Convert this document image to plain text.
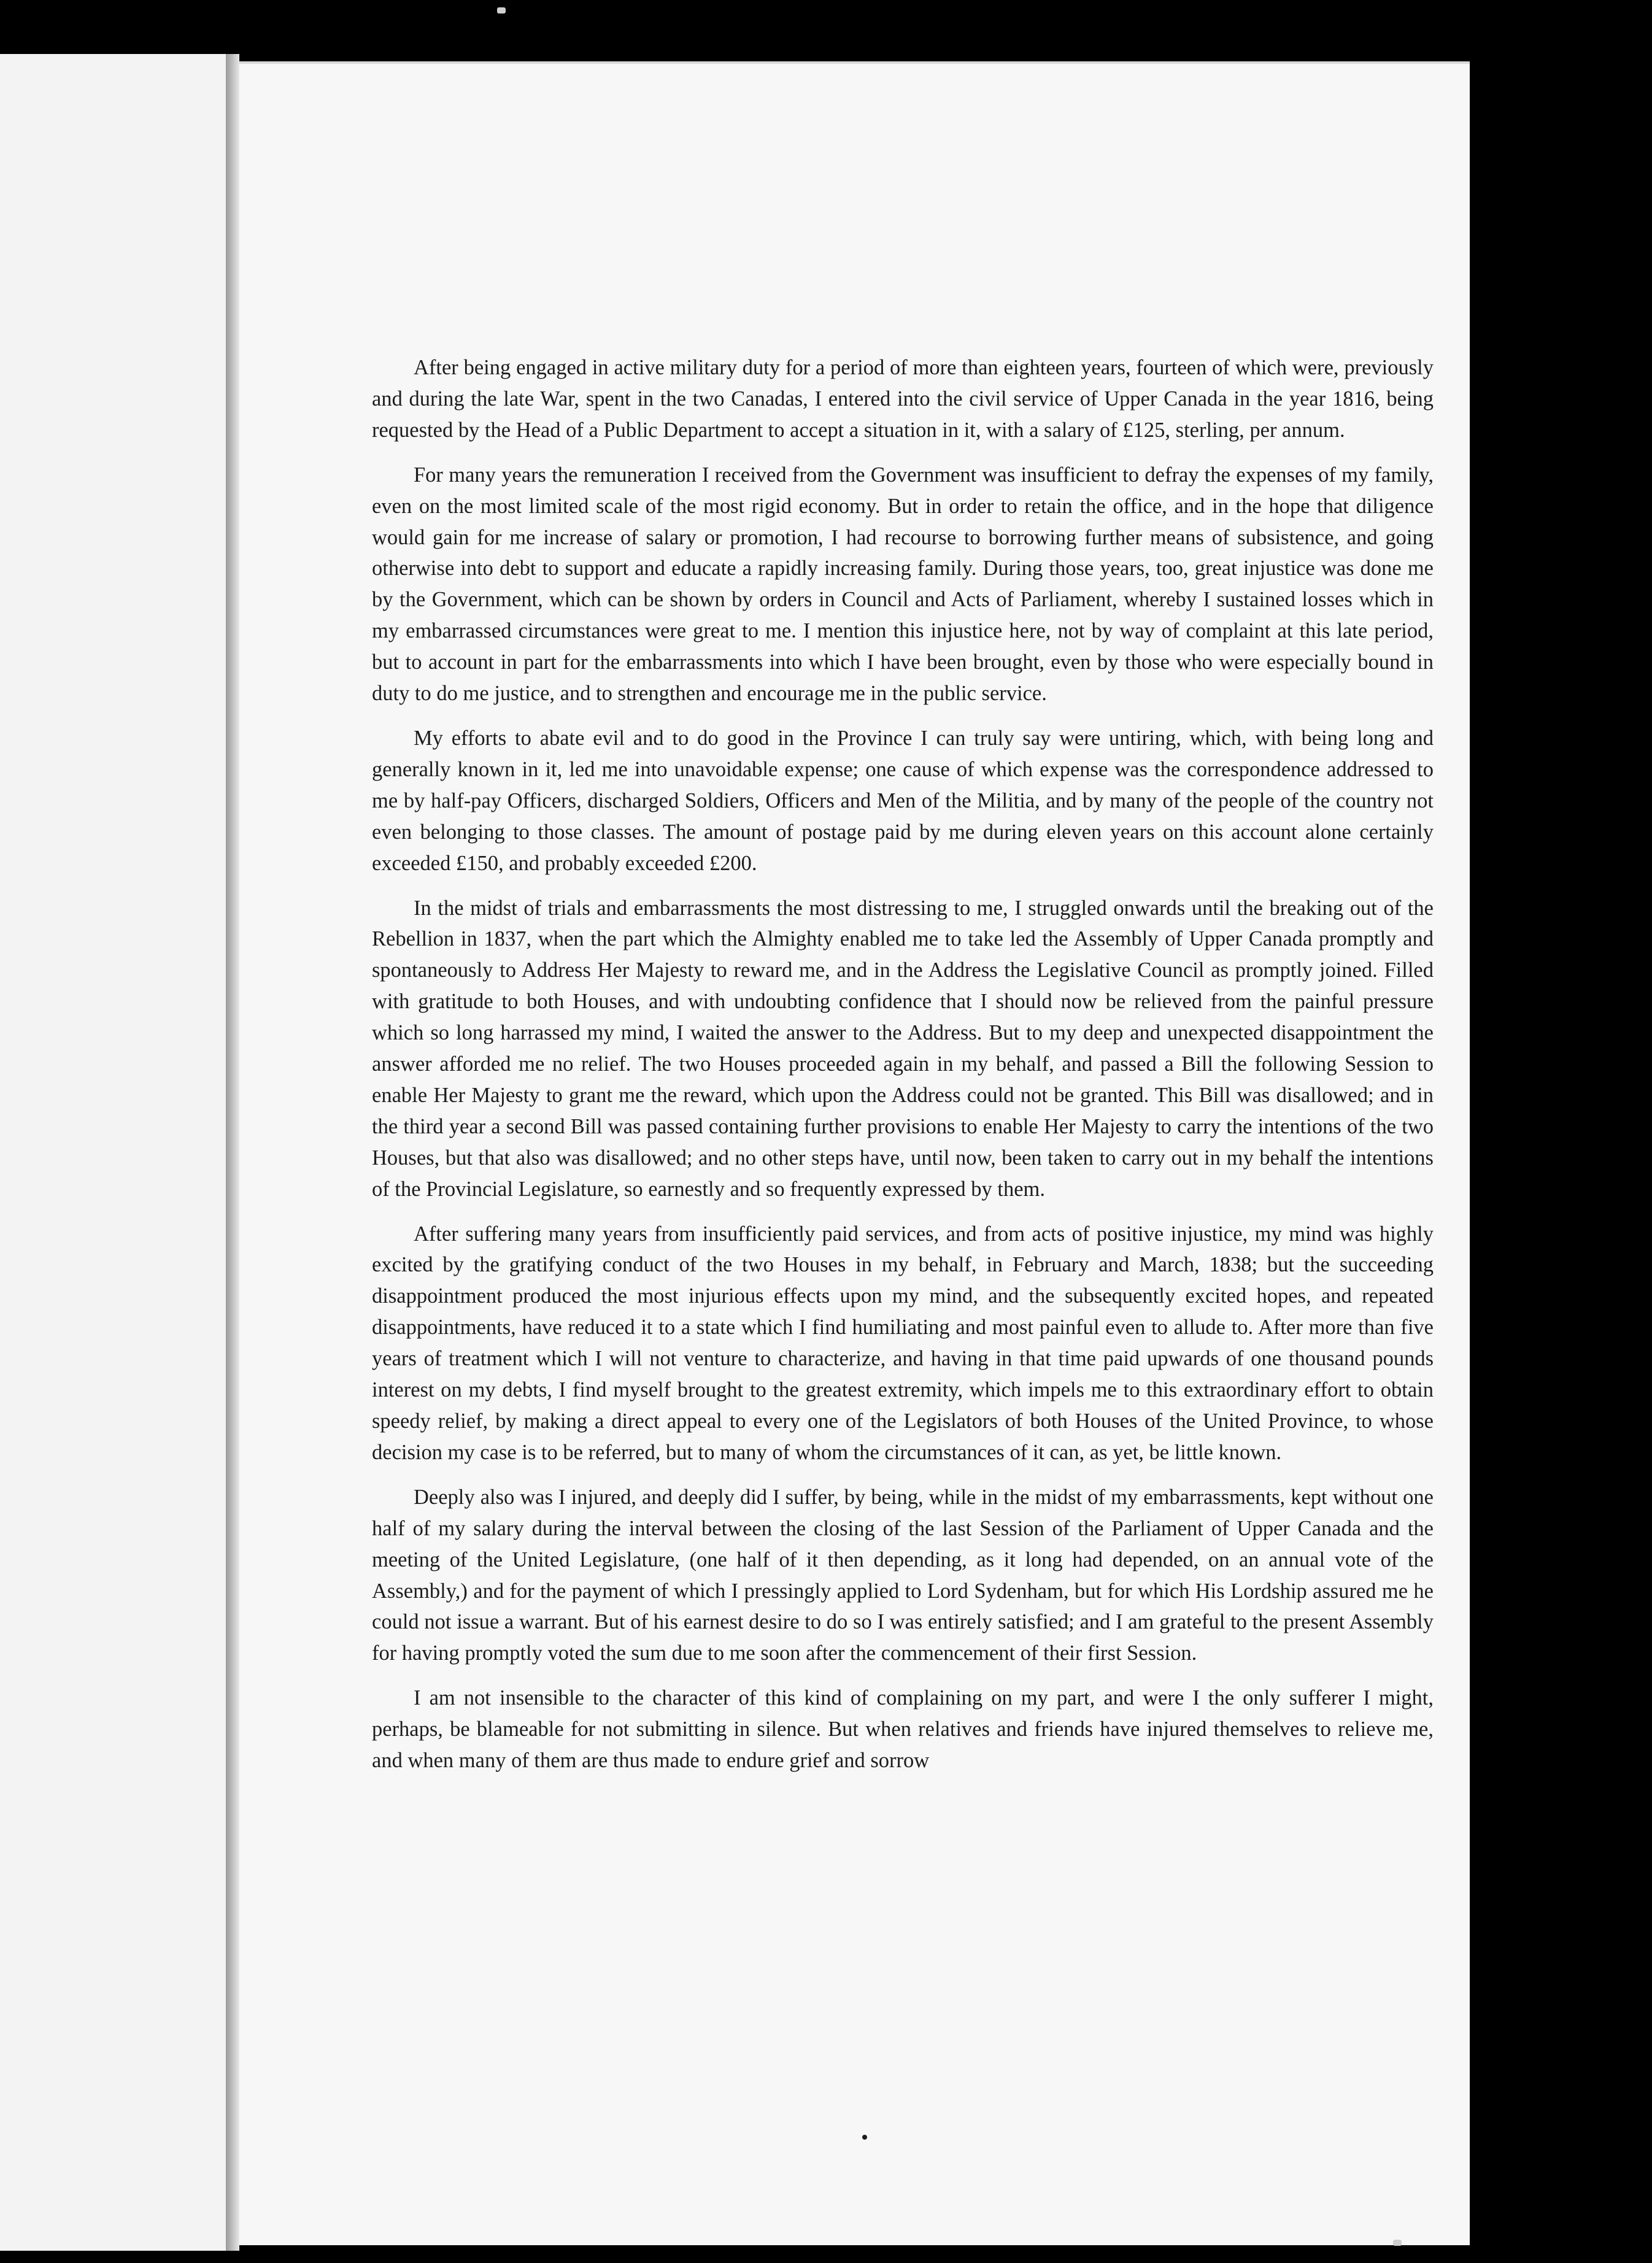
After being engaged in active military duty for a period of more than eighteen years, fourteen of which were, previously and during the late War, spent in the two Canadas, I entered into the civil service of Upper Canada in the year 1816, being requested by the Head of a Public Department to accept a situation in it, with a salary of £125, sterling, per annum.

For many years the remuneration I received from the Government was insufficient to defray the expenses of my family, even on the most limited scale of the most rigid economy. But in order to retain the office, and in the hope that diligence would gain for me increase of salary or promotion, I had recourse to borrowing further means of subsistence, and going otherwise into debt to support and educate a rapidly increasing family. During those years, too, great injustice was done me by the Government, which can be shown by orders in Council and Acts of Parliament, whereby I sustained losses which in my embarrassed circumstances were great to me. I mention this injustice here, not by way of complaint at this late period, but to account in part for the embarrassments into which I have been brought, even by those who were especially bound in duty to do me justice, and to strengthen and encourage me in the public service.

My efforts to abate evil and to do good in the Province I can truly say were untiring, which, with being long and generally known in it, led me into unavoidable expense; one cause of which expense was the correspondence addressed to me by half-pay Officers, discharged Soldiers, Officers and Men of the Militia, and by many of the people of the country not even belonging to those classes. The amount of postage paid by me during eleven years on this account alone certainly exceeded £150, and probably exceeded £200.

In the midst of trials and embarrassments the most distressing to me, I struggled onwards until the breaking out of the Rebellion in 1837, when the part which the Almighty enabled me to take led the Assembly of Upper Canada promptly and spontaneously to Address Her Majesty to reward me, and in the Address the Legislative Council as promptly joined. Filled with gratitude to both Houses, and with undoubting confidence that I should now be relieved from the painful pressure which so long harrassed my mind, I waited the answer to the Address. But to my deep and unexpected disappointment the answer afforded me no relief. The two Houses proceeded again in my behalf, and passed a Bill the following Session to enable Her Majesty to grant me the reward, which upon the Address could not be granted. This Bill was disallowed; and in the third year a second Bill was passed containing further provisions to enable Her Majesty to carry the intentions of the two Houses, but that also was disallowed; and no other steps have, until now, been taken to carry out in my behalf the intentions of the Provincial Legislature, so earnestly and so frequently expressed by them.

After suffering many years from insufficiently paid services, and from acts of positive injustice, my mind was highly excited by the gratifying conduct of the two Houses in my behalf, in February and March, 1838; but the succeeding disappointment produced the most injurious effects upon my mind, and the subsequently excited hopes, and repeated disappointments, have reduced it to a state which I find humiliating and most painful even to allude to. After more than five years of treatment which I will not venture to characterize, and having in that time paid upwards of one thousand pounds interest on my debts, I find myself brought to the greatest extremity, which impels me to this extraordinary effort to obtain speedy relief, by making a direct appeal to every one of the Legislators of both Houses of the United Province, to whose decision my case is to be referred, but to many of whom the circumstances of it can, as yet, be little known.

Deeply also was I injured, and deeply did I suffer, by being, while in the midst of my embarrassments, kept without one half of my salary during the interval between the closing of the last Session of the Parliament of Upper Canada and the meeting of the United Legislature, (one half of it then depending, as it long had depended, on an annual vote of the Assembly,) and for the payment of which I pressingly applied to Lord Sydenham, but for which His Lordship assured me he could not issue a warrant. But of his earnest desire to do so I was entirely satisfied; and I am grateful to the present Assembly for having promptly voted the sum due to me soon after the commencement of their first Session.

I am not insensible to the character of this kind of complaining on my part, and were I the only sufferer I might, perhaps, be blameable for not submitting in silence. But when relatives and friends have injured themselves to relieve me, and when many of them are thus made to endure grief and sorrow
